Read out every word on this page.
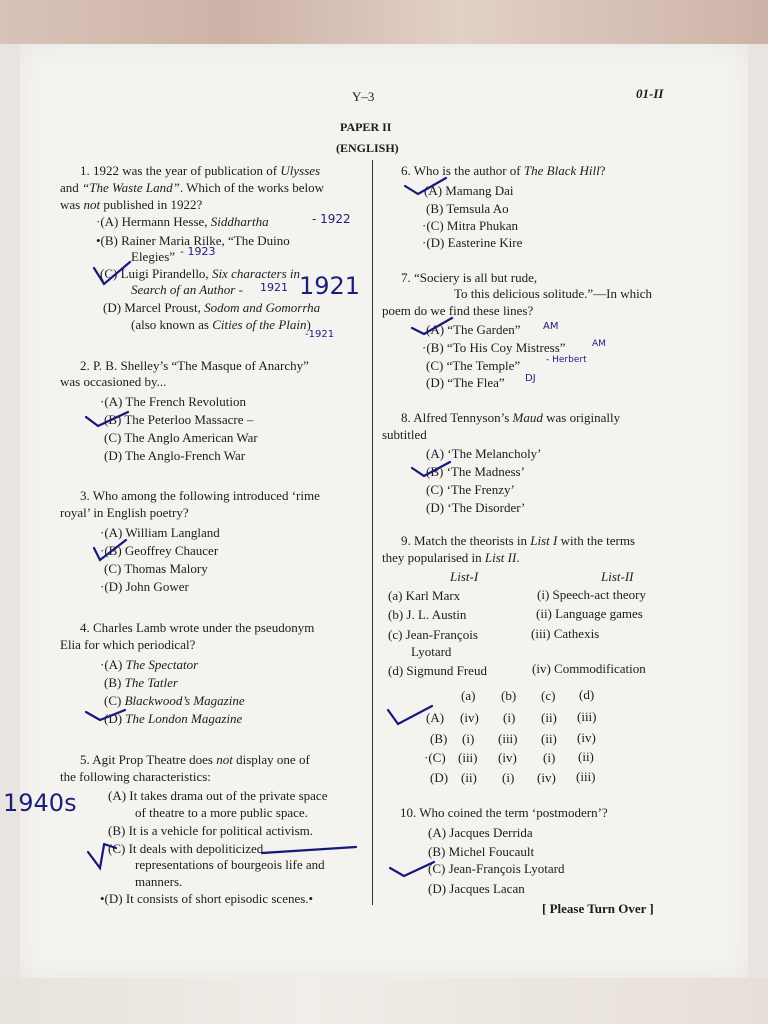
Y–3	01-II
PAPER II
(ENGLISH)
1. 1922 was the year of publication of Ulysses
and “The Waste Land”. Which of the works below
was not published in 1922?
·(A) Hermann Hesse, Siddhartha
•(B) Rainer Maria Rilke, “The Duino
Elegies”
(C) Luigi Pirandello, Six characters in
Search of an Author -
(D) Marcel Proust, Sodom and Gomorrha
(also known as Cities of the Plain)
2. P. B. Shelley’s “The Masque of Anarchy”
was occasioned by...
·(A) The French Revolution
(B) The Peterloo Massacre –
(C) The Anglo American War
(D) The Anglo-French War
3. Who among the following introduced ‘rime
royal’ in English poetry?
·(A) William Langland
·(B) Geoffrey Chaucer
(C) Thomas Malory
·(D) John Gower
4. Charles Lamb wrote under the pseudonym
Elia for which periodical?
·(A) The Spectator
(B) The Tatler
(C) Blackwood’s Magazine
(D) The London Magazine
5. Agit Prop Theatre does not display one of
the following characteristics:
(A) It takes drama out of the private space
of theatre to a more public space.
(B) It is a vehicle for political activism.
(C) It deals with depoliticized
representations of bourgeois life and
manners.
•(D) It consists of short episodic scenes.•
6. Who is the author of The Black Hill?
(A) Mamang Dai
(B) Temsula Ao
·(C) Mitra Phukan
·(D) Easterine Kire
7. “Sociery is all but rude,
To this delicious solitude.”—In which
poem do we find these lines?
(A) “The Garden”
·(B) “To His Coy Mistress”
(C) “The Temple”
(D) “The Flea”
8. Alfred Tennyson’s Maud was originally
subtitled
(A) ‘The Melancholy’
(B) ‘The Madness’
(C) ‘The Frenzy’
(D) ‘The Disorder’
9. Match the theorists in List I with the terms
they popularised in List II.
List-I	List-II
(a) Karl Marx
(b) J. L. Austin
(c) Jean-François
Lyotard
(d) Sigmund Freud
(i) Speech-act theory
(ii) Language games
(iii) Cathexis
(iv) Commodification
(a) (b) (c) (d)
(A) (iv) (i) (ii) (iii)
(B) (i) (iii) (ii) (iv)
·(C) (iii) (iv) (i) (ii)
(D) (ii) (i) (iv) (iii)
10. Who coined the term ‘postmodern’?
(A) Jacques Derrida
(B) Michel Foucault
(C) Jean-François Lyotard
(D) Jacques Lacan
[ Please Turn Over ]
- 1922
- 1923
1921 1921
-1921
1940s
AM
AM
- Herbert
DJ
